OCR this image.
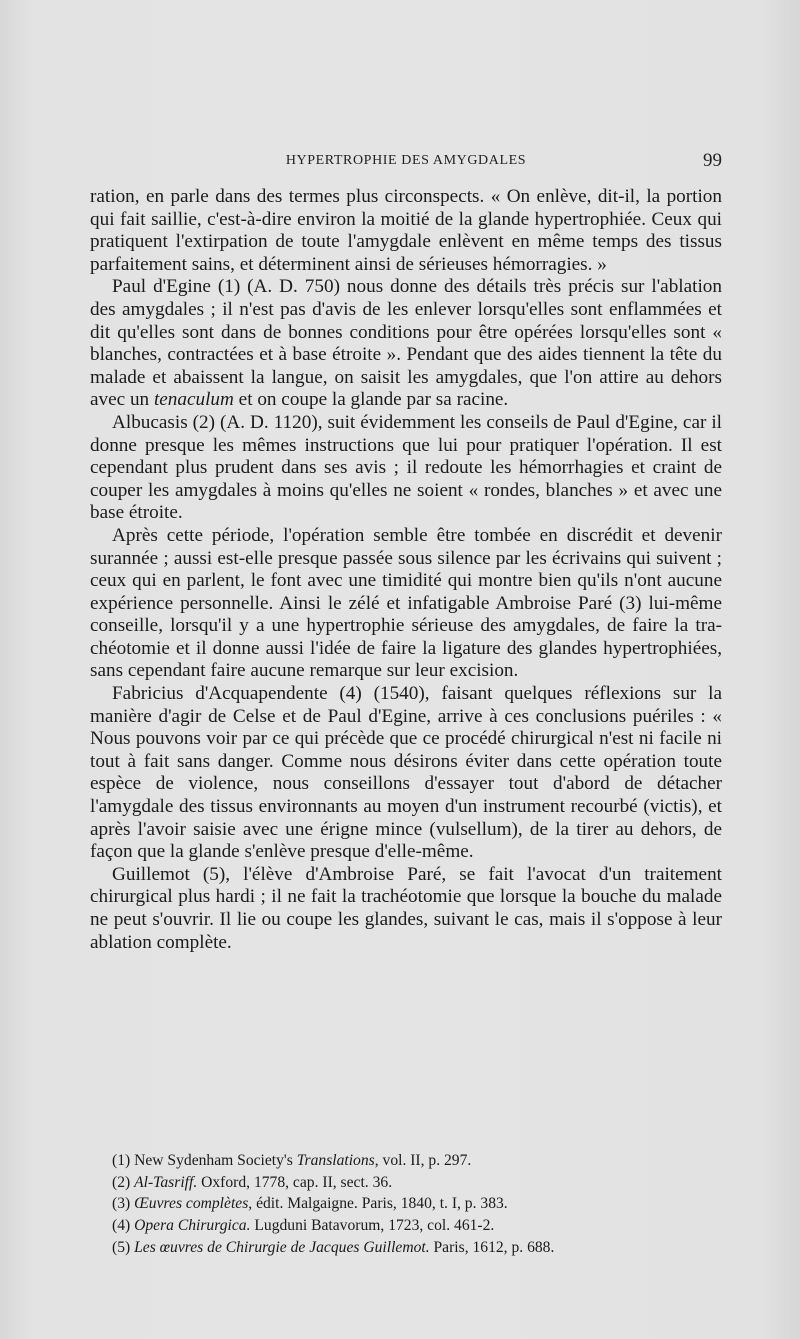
HYPERTROPHIE DES AMYGDALES	99

ration, en parle dans des termes plus circonspects. « On enlève, dit-il, la portion qui fait saillie, c'est-à-dire environ la moitié de la glande hypertrophiée. Ceux qui pratiquent l'extirpation de toute l'amygdale enlèvent en même temps des tissus parfaitement sains, et déterminent ainsi de sérieuses hémorragies. »

Paul d'Egine (1) (A. D. 750) nous donne des détails très précis sur l'ablation des amygdales ; il n'est pas d'avis de les enlever lorsqu'elles sont enflammées et dit qu'elles sont dans de bonnes conditions pour être opérées lorsqu'elles sont « blanches, contractées et à base étroite ». Pendant que des aides tiennent la tête du malade et abaissent la langue, on saisit les amygdales, que l'on attire au dehors avec un tenaculum et on coupe la glande par sa racine.

Albucasis (2) (A. D. 1120), suit évidemment les conseils de Paul d'Egine, car il donne presque les mêmes instructions que lui pour pratiquer l'opération. Il est cependant plus prudent dans ses avis ; il redoute les hémorrhagies et craint de couper les amygdales à moins qu'elles ne soient « rondes, blanches » et avec une base étroite.

Après cette période, l'opération semble être tombée en discrédit et devenir surannée ; aussi est-elle presque passée sous silence par les écrivains qui suivent ; ceux qui en parlent, le font avec une timidité qui montre bien qu'ils n'ont aucune expérience personnelle. Ainsi le zélé et infatigable Ambroise Paré (3) lui-même conseille, lorsqu'il y a une hypertrophie sérieuse des amygdales, de faire la trachéotomie et il donne aussi l'idée de faire la ligature des glandes hypertrophiées, sans cependant faire aucune remarque sur leur excision.

Fabricius d'Acquapendente (4) (1540), faisant quelques réflexions sur la manière d'agir de Celse et de Paul d'Egine, arrive à ces conclusions puériles : « Nous pouvons voir par ce qui précède que ce procédé chirurgical n'est ni facile ni tout à fait sans danger. Comme nous désirons éviter dans cette opération toute espèce de violence, nous conseillons d'essayer tout d'abord de détacher l'amygdale des tissus environnants au moyen d'un instrument recourbé (victis), et après l'avoir saisie avec une érigne mince (vulsellum), de la tirer au dehors, de façon que la glande s'enlève presque d'elle-même.

Guillemot (5), l'élève d'Ambroise Paré, se fait l'avocat d'un traitement chirurgical plus hardi ; il ne fait la trachéotomie que lorsque la bouche du malade ne peut s'ouvrir. Il lie ou coupe les glandes, suivant le cas, mais il s'oppose à leur ablation complète.

(1) New Sydenham Society's Translations, vol. II, p. 297.
(2) Al-Tasriff. Oxford, 1778, cap. II, sect. 36.
(3) Œuvres complètes, édit. Malgaigne. Paris, 1840, t. I, p. 383.
(4) Opera Chirurgica. Lugduni Batavorum, 1723, col. 461-2.
(5) Les œuvres de Chirurgie de Jacques Guillemot. Paris, 1612, p. 688.
